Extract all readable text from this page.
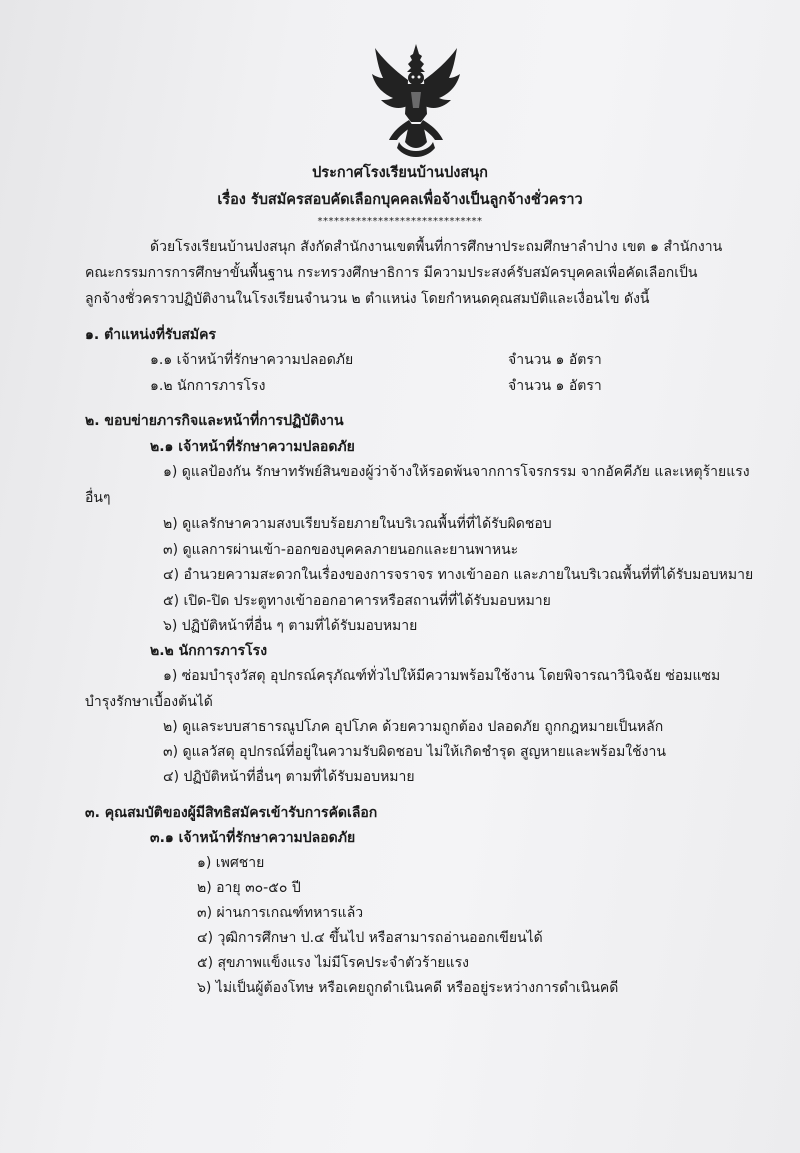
ประกาศโรงเรียนบ้านปงสนุก
เรื่อง รับสมัครสอบคัดเลือกบุคคลเพื่อจ้างเป็นลูกจ้างชั่วคราว
******************************
ด้วยโรงเรียนบ้านปงสนุก สังกัดสำนักงานเขตพื้นที่การศึกษาประถมศึกษาลำปาง เขต ๑ สำนักงาน
คณะกรรมการการศึกษาขั้นพื้นฐาน กระทรวงศึกษาธิการ มีความประสงค์รับสมัครบุคคลเพื่อคัดเลือกเป็น
ลูกจ้างชั่วคราวปฏิบัติงานในโรงเรียนจำนวน ๒ ตำแหน่ง โดยกำหนดคุณสมบัติและเงื่อนไข ดังนี้
๑. ตำแหน่งที่รับสมัคร
๑.๑ เจ้าหน้าที่รักษาความปลอดภัย	จำนวน ๑ อัตรา
๑.๒ นักการภารโรง	จำนวน ๑ อัตรา
๒. ขอบข่ายภารกิจและหน้าที่การปฏิบัติงาน
๒.๑ เจ้าหน้าที่รักษาความปลอดภัย
๑) ดูแลป้องกัน รักษาทรัพย์สินของผู้ว่าจ้างให้รอดพ้นจากการโจรกรรม จากอัคคีภัย และเหตุร้ายแรง
อื่นๆ
๒) ดูแลรักษาความสงบเรียบร้อยภายในบริเวณพื้นที่ที่ได้รับผิดชอบ
๓) ดูแลการผ่านเข้า-ออกของบุคคลภายนอกและยานพาหนะ
๔) อำนวยความสะดวกในเรื่องของการจราจร ทางเข้าออก และภายในบริเวณพื้นที่ที่ได้รับมอบหมาย
๕) เปิด-ปิด ประตูทางเข้าออกอาคารหรือสถานที่ที่ได้รับมอบหมาย
๖) ปฏิบัติหน้าที่อื่น ๆ ตามที่ได้รับมอบหมาย
๒.๒ นักการภารโรง
๑) ซ่อมบำรุงวัสดุ อุปกรณ์ครุภัณฑ์ทั่วไปให้มีความพร้อมใช้งาน โดยพิจารณาวินิจฉัย ซ่อมแซม
บำรุงรักษาเบื้องต้นได้
๒) ดูแลระบบสาธารณูปโภค อุปโภค ด้วยความถูกต้อง ปลอดภัย ถูกกฎหมายเป็นหลัก
๓) ดูแลวัสดุ อุปกรณ์ที่อยู่ในความรับผิดชอบ ไม่ให้เกิดชำรุด สูญหายและพร้อมใช้งาน
๔) ปฏิบัติหน้าที่อื่นๆ ตามที่ได้รับมอบหมาย
๓. คุณสมบัติของผู้มีสิทธิสมัครเข้ารับการคัดเลือก
๓.๑ เจ้าหน้าที่รักษาความปลอดภัย
๑) เพศชาย
๒) อายุ ๓๐-๕๐ ปี
๓) ผ่านการเกณฑ์ทหารแล้ว
๔) วุฒิการศึกษา ป.๔ ขึ้นไป หรือสามารถอ่านออกเขียนได้
๕) สุขภาพแข็งแรง ไม่มีโรคประจำตัวร้ายแรง
๖) ไม่เป็นผู้ต้องโทษ หรือเคยถูกดำเนินคดี หรืออยู่ระหว่างการดำเนินคดี
